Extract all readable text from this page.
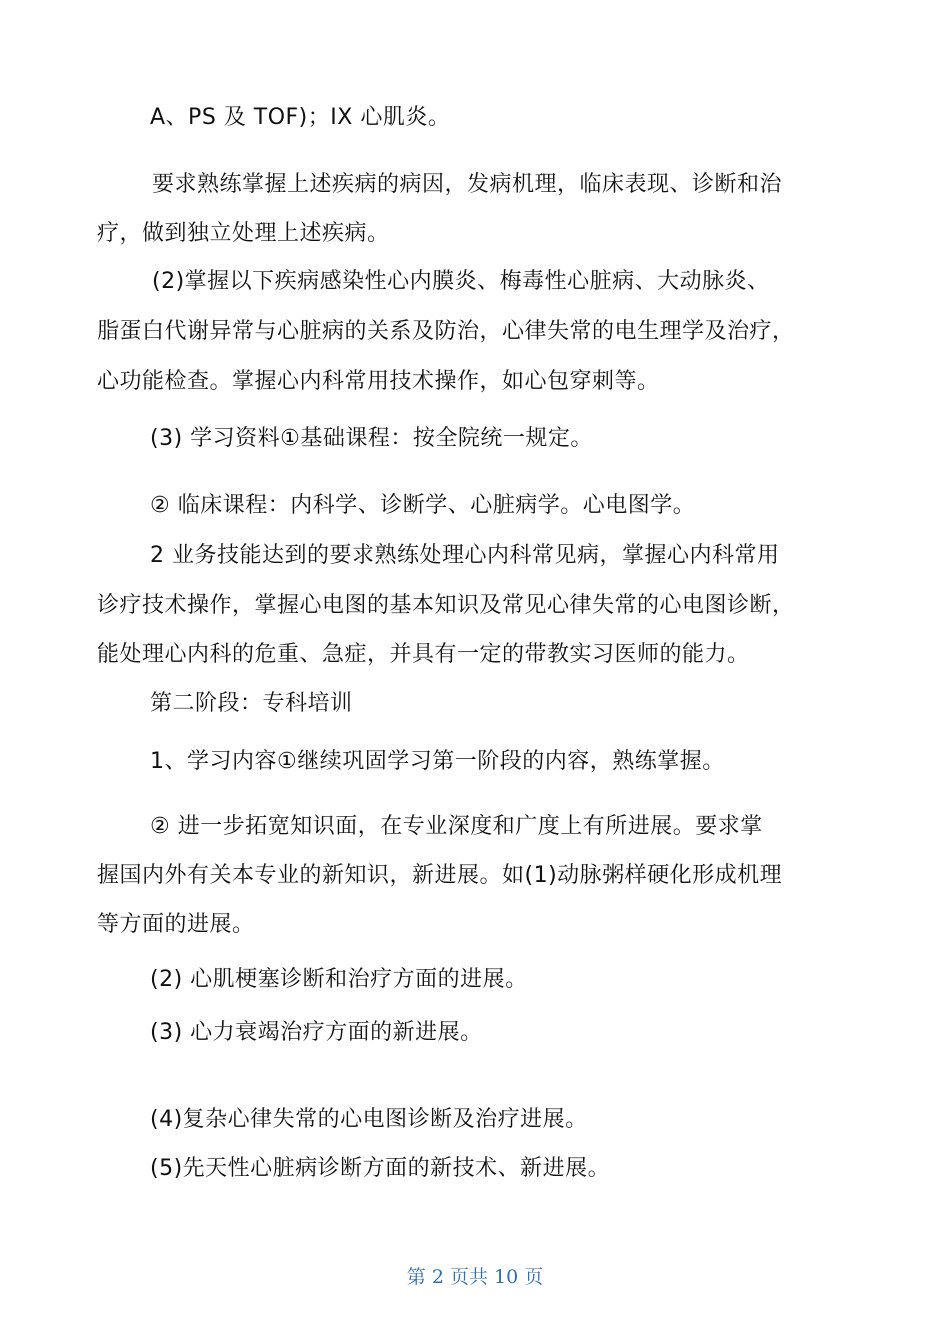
A、PS 及 TOF)；IX 心肌炎。
要求熟练掌握上述疾病的病因，发病机理，临床表现、诊断和治
疗，做到独立处理上述疾病。
(2)掌握以下疾病感染性心内膜炎、梅毒性心脏病、大动脉炎、
脂蛋白代谢异常与心脏病的关系及防治，心律失常的电生理学及治疗，
心功能检查。掌握心内科常用技术操作，如心包穿刺等。
(3) 学习资料①基础课程：按全院统一规定。
② 临床课程：内科学、诊断学、心脏病学。心电图学。
2 业务技能达到的要求熟练处理心内科常见病，掌握心内科常用
诊疗技术操作，掌握心电图的基本知识及常见心律失常的心电图诊断，
能处理心内科的危重、急症，并具有一定的带教实习医师的能力。
第二阶段：专科培训
1、学习内容①继续巩固学习第一阶段的内容，熟练掌握。
② 进一步拓宽知识面，在专业深度和广度上有所进展。要求掌
握国内外有关本专业的新知识，新进展。如(1)动脉粥样硬化形成机理
等方面的进展。
(2) 心肌梗塞诊断和治疗方面的进展。
(3) 心力衰竭治疗方面的新进展。
(4)复杂心律失常的心电图诊断及治疗进展。
(5)先天性心脏病诊断方面的新技术、新进展。
第 2 页共 10 页
